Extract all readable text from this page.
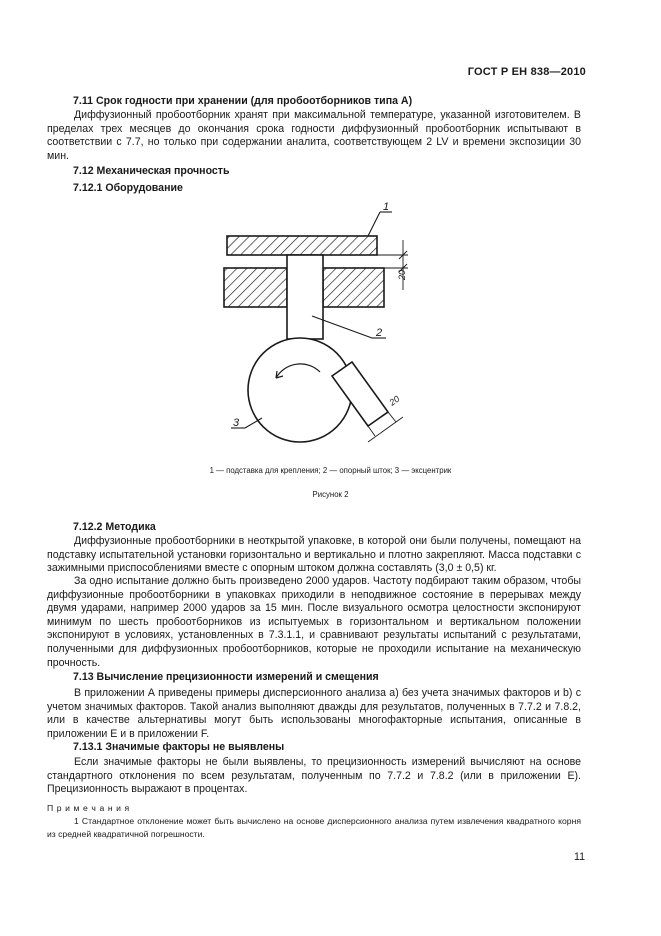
ГОСТ Р ЕН 838—2010
7.11 Срок годности при хранении (для пробоотборников типа А)
Диффузионный пробоотборник хранят при максимальной температуре, указанной изготовителем. В пределах трех месяцев до окончания срока годности диффузионный пробоотборник испытывают в соответствии с 7.7, но только при содержании аналита, соответствующем 2 LV и времени экспозиции 30 мин.
7.12 Механическая прочность
7.12.1 Оборудование
1
2
3
20
20
1 — подставка для крепления; 2 — опорный шток; 3 — эксцентрик
Рисунок 2
7.12.2 Методика
Диффузионные пробоотборники в неоткрытой упаковке, в которой они были получены, помещают на подставку испытательной установки горизонтально и вертикально и плотно закрепляют. Масса подставки с зажимными приспособлениями вместе с опорным штоком должна составлять (3,0 ± 0,5) кг.
За одно испытание должно быть произведено 2000 ударов. Частоту подбирают таким образом, чтобы диффузионные пробоотборники в упаковках приходили в неподвижное состояние в перерывах между двумя ударами, например 2000 ударов за 15 мин. После визуального осмотра целостности экспонируют минимум по шесть пробоотборников из испытуемых в горизонтальном и вертикальном положении экспонируют в условиях, установленных в 7.3.1.1, и сравнивают результаты испытаний с результатами, полученными для диффузионных пробоотборников, которые не проходили испытание на механическую прочность.
7.13 Вычисление прецизионности измерений и смещения
В приложении А приведены примеры дисперсионного анализа а) без учета значимых факторов и b) с учетом значимых факторов. Такой анализ выполняют дважды для результатов, полученных в 7.7.2 и 7.8.2, или в качестве альтернативы могут быть использованы многофакторные испытания, описанные в приложении Е и в приложении F.
7.13.1 Значимые факторы не выявлены
Если значимые факторы не были выявлены, то прецизионность измерений вычисляют на основе стандартного отклонения по всем результатам, полученным по 7.7.2 и 7.8.2 (или в приложении Е). Прецизионность выражают в процентах.
П р и м е ч а н и я
1 Стандартное отклонение может быть вычислено на основе дисперсионного анализа путем извлечения квадратного корня из средней квадратичной погрешности.
11
